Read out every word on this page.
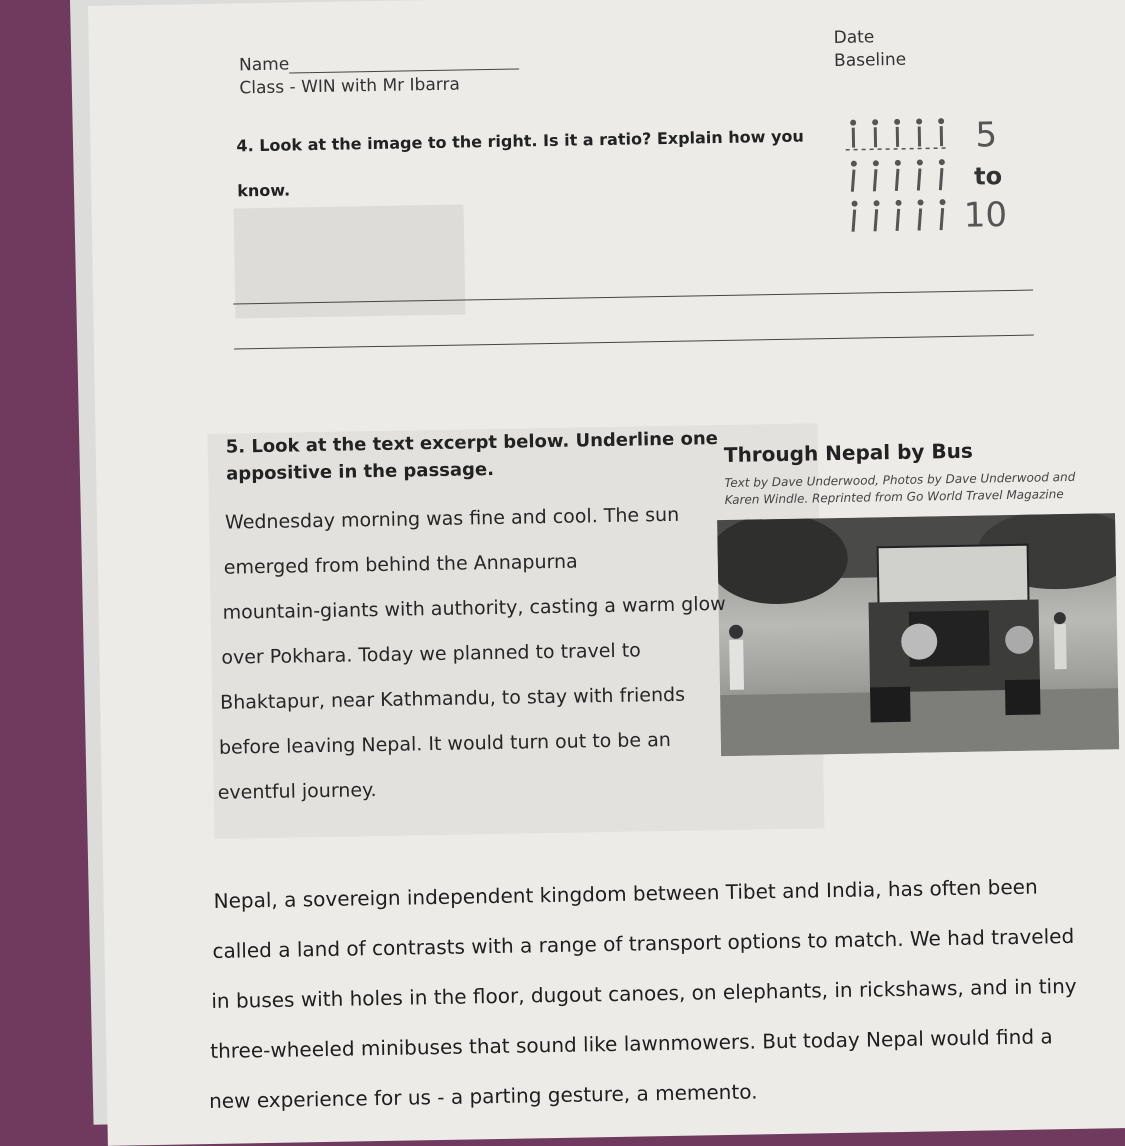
Name
Class - WIN with Mr Ibarra
Date
Baseline
4. Look at the image to the right. Is it a ratio? Explain how you
know.
5
to
10
5. Look at the text excerpt below. Underline one
appositive in the passage.
Through Nepal by Bus
Text by Dave Underwood, Photos by Dave Underwood and
Karen Windle. Reprinted from Go World Travel Magazine
Wednesday morning was fine and cool. The sun
emerged from behind the Annapurna
mountain-giants with authority, casting a warm glow
over Pokhara. Today we planned to travel to
Bhaktapur, near Kathmandu, to stay with friends
before leaving Nepal. It would turn out to be an
eventful journey.
Nepal, a sovereign independent kingdom between Tibet and India, has often been
called a land of contrasts with a range of transport options to match. We had traveled
in buses with holes in the floor, dugout canoes, on elephants, in rickshaws, and in tiny
three-wheeled minibuses that sound like lawnmowers. But today Nepal would find a
new experience for us - a parting gesture, a memento.
